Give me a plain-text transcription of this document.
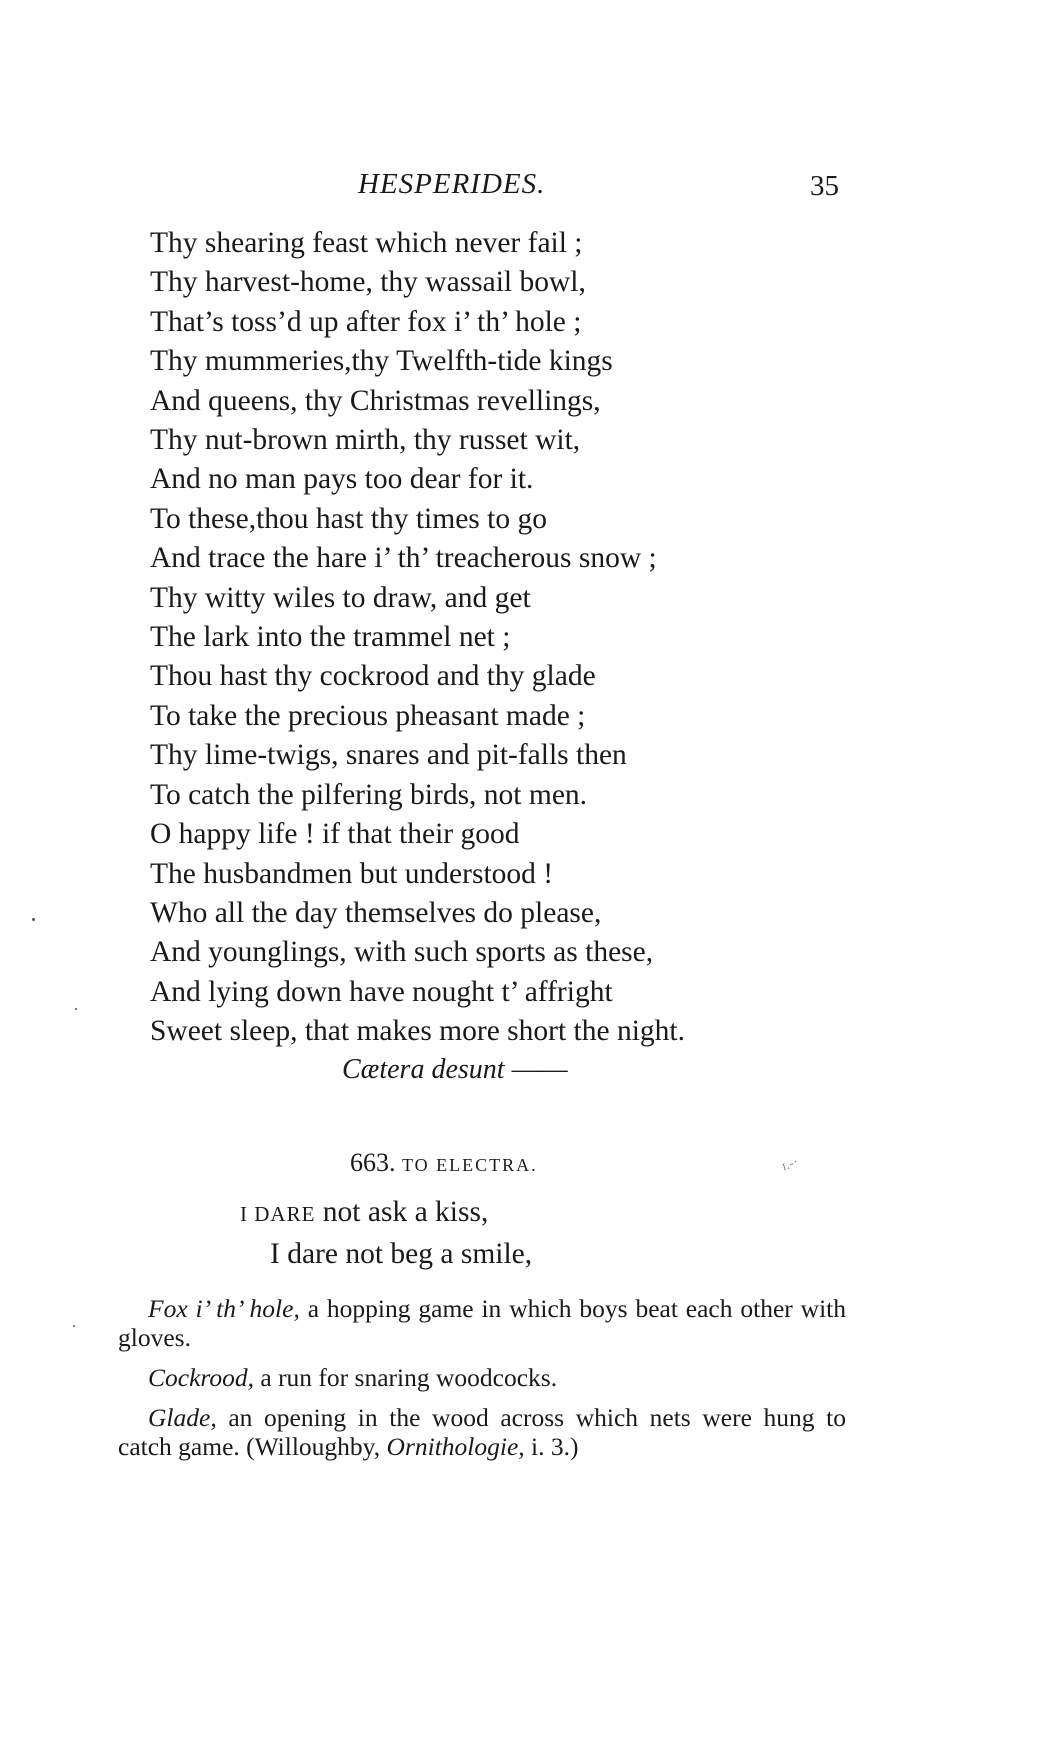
HESPERIDES.	35
Thy shearing feast which never fail ;
Thy harvest-home, thy wassail bowl,
That’s toss’d up after fox i’ th’ hole ;
Thy mummeries,thy Twelfth-tide kings
And queens, thy Christmas revellings,
Thy nut-brown mirth, thy russet wit,
And no man pays too dear for it.
To these,thou hast thy times to go
And trace the hare i’ th’ treacherous snow ;
Thy witty wiles to draw, and get
The lark into the trammel net ;
Thou hast thy cockrood and thy glade
To take the precious pheasant made ;
Thy lime-twigs, snares and pit-falls then
To catch the pilfering birds, not men.
O happy life ! if that their good
The husbandmen but understood !
Who all the day themselves do please,
And younglings, with such sports as these,
And lying down have nought t’ affright
Sweet sleep, that makes more short the night.
Cætera desunt ——
663. TO ELECTRA.	ɪ.-·
I DARE not ask a kiss,
I dare not beg a smile,

Fox i’ th’ hole, a hopping game in which boys beat each other with gloves.

Cockrood, a run for snaring woodcocks.

Glade, an opening in the wood across which nets were hung to catch game. (Willoughby, Ornithologie, i. 3.)
